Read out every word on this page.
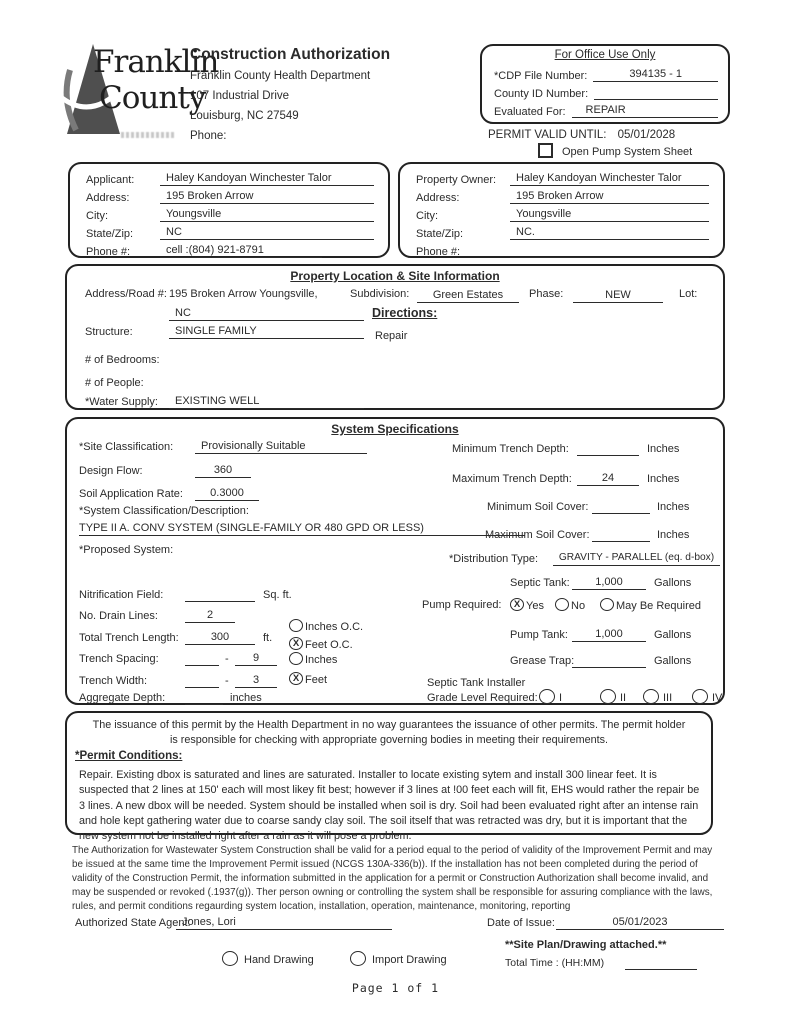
Franklin
County
Construction Authorization
Franklin County Health Department
107 Industrial Drive
Louisburg, NC 27549
Phone:
For Office Use Only
*CDP File Number:	394135 - 1
County ID Number:
Evaluated For:	REPAIR
PERMIT VALID UNTIL: 05/01/2028
Open Pump System Sheet
Applicant:	Haley Kandoyan Winchester Talor
Address:	195 Broken Arrow
City:	Youngsville
State/Zip:	NC
Phone #:	cell :(804) 921-8791
Property Owner:	Haley Kandoyan Winchester Talor
Address:	195 Broken Arrow
City:	Youngsville
State/Zip:	NC.
Phone #:
Property Location & Site Information
Address/Road #: 195 Broken Arrow Youngsville,	Subdivision:	Green Estates	Phase:	NEW	Lot:
NC	Directions:
Structure:	SINGLE FAMILY	Repair
# of Bedrooms:
# of People:
*Water Supply:	EXISTING WELL
System Specifications
*Site Classification:	Provisionally Suitable	Minimum Trench Depth:	Inches
Design Flow:	360
Maximum Trench Depth:	24	Inches
Soil Application Rate:	0.3000
*System Classification/Description:
TYPE II A. CONV SYSTEM (SINGLE-FAMILY OR 480 GPD OR LESS)
Minimum Soil Cover:	Inches
Maximum Soil Cover:	Inches
*Proposed System:
*Distribution Type:	GRAVITY - PARALLEL (eq. d-box)
Septic Tank:	1,000	Gallons
Nitrification Field:	Sq. ft.
Pump Required: X Yes	No	May Be Required
No. Drain Lines:	2
Inches O.C.
Total Trench Length:	300	ft. X Feet O.C.
Pump Tank:	1,000	Gallons
Trench Spacing:	-	9	Inches	Grease Trap:	Gallons
Trench Width:	-	3	X Feet	Septic Tank Installer
Grade Level Required:	I	II	III	IV
Aggregate Depth:	inches
The issuance of this permit by the Health Department in no way guarantees the issuance of other permits. The permit holder
is responsible for checking with appropriate governing bodies in meeting their requirements.
*Permit Conditions:
Repair. Existing dbox is saturated and lines are saturated. Installer to locate existing sytem and install 300 linear feet. It is suspected that 2 lines at 150' each will most likey fit best; however if 3 lines at !00 feet each will fit, EHS would rather the repair be 3 lines. A new dbox will be needed. System should be installed when soil is dry. Soil had been evaluated right after an intense rain and hole kept gathering water due to coarse sandy clay soil. The soil itself that was retracted was dry, but it is important that the new system not be installed right after a rain as it will pose a problem.
The Authorization for Wastewater System Construction shall be valid for a period equal to the period of validity of the Improvement Permit and may be issued at the same time the Improvement Permit issued (NCGS 130A-336(b)). If the installation has not been completed during the period of validity of the Construction Permit, the information submitted in the application for a permit or Construction Authorization shall become invalid, and may be suspended or revoked (.1937(g)). Ther person owning or controlling the system shall be responsible for assuring compliance with the laws, rules, and permit conditions regaurding system location, installation, operation, maintenance, monitoring, reporting
Authorized State Agent:
Jones, Lori	Date of Issue:	05/01/2023
**Site Plan/Drawing attached.**
Total Time : (HH:MM)
Hand Drawing	Import Drawing
Page 1 of 1
